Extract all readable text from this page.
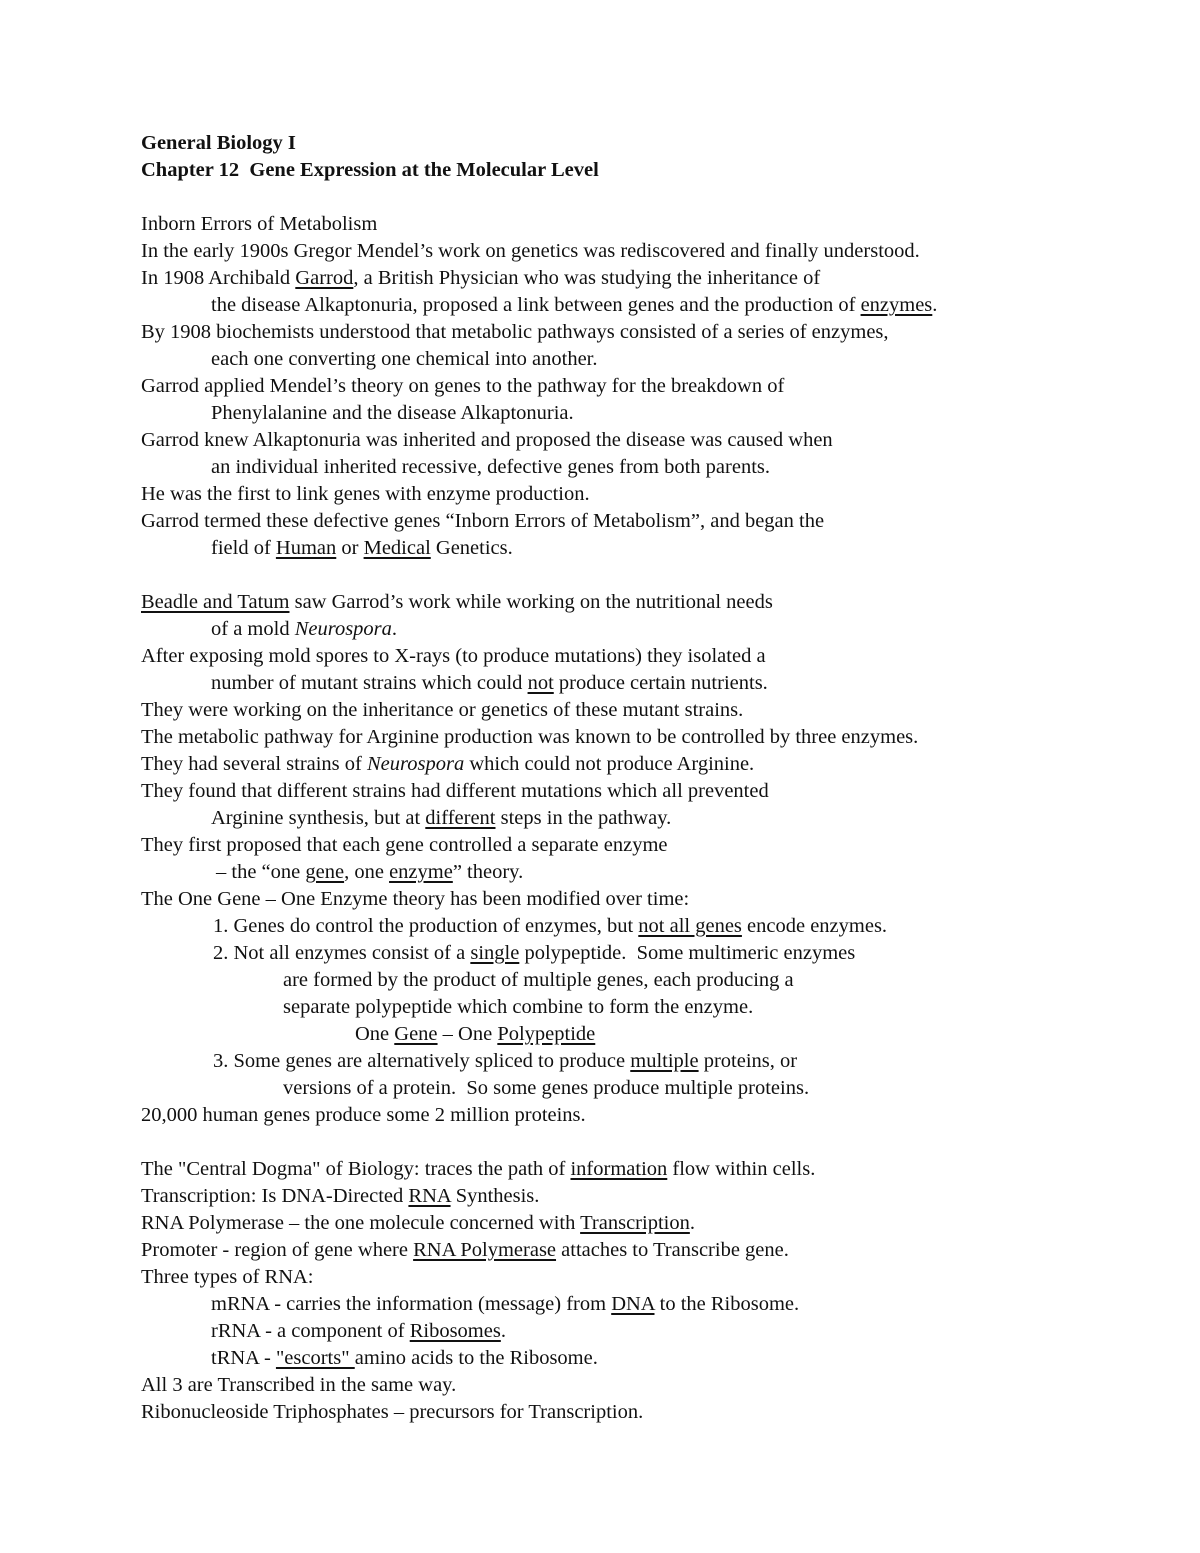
General Biology I
Chapter 12  Gene Expression at the Molecular Level
Inborn Errors of Metabolism
In the early 1900s Gregor Mendel’s work on genetics was rediscovered and finally understood.
In 1908 Archibald Garrod, a British Physician who was studying the inheritance of
the disease Alkaptonuria, proposed a link between genes and the production of enzymes.
By 1908 biochemists understood that metabolic pathways consisted of a series of enzymes,
each one converting one chemical into another.
Garrod applied Mendel’s theory on genes to the pathway for the breakdown of
Phenylalanine and the disease Alkaptonuria.
Garrod knew Alkaptonuria was inherited and proposed the disease was caused when
an individual inherited recessive, defective genes from both parents.
He was the first to link genes with enzyme production.
Garrod termed these defective genes “Inborn Errors of Metabolism”, and began the
field of Human or Medical Genetics.
Beadle and Tatum saw Garrod’s work while working on the nutritional needs
of a mold Neurospora.
After exposing mold spores to X-rays (to produce mutations) they isolated a
number of mutant strains which could not produce certain nutrients.
They were working on the inheritance or genetics of these mutant strains.
The metabolic pathway for Arginine production was known to be controlled by three enzymes.
They had several strains of Neurospora which could not produce Arginine.
They found that different strains had different mutations which all prevented
Arginine synthesis, but at different steps in the pathway.
They first proposed that each gene controlled a separate enzyme
– the “one gene, one enzyme” theory.
The One Gene – One Enzyme theory has been modified over time:
1. Genes do control the production of enzymes, but not all genes encode enzymes.
2. Not all enzymes consist of a single polypeptide.  Some multimeric enzymes
are formed by the product of multiple genes, each producing a
separate polypeptide which combine to form the enzyme.
One Gene – One Polypeptide
3. Some genes are alternatively spliced to produce multiple proteins, or
versions of a protein.  So some genes produce multiple proteins.
20,000 human genes produce some 2 million proteins.
The "Central Dogma" of Biology: traces the path of information flow within cells.
Transcription: Is DNA-Directed RNA Synthesis.
RNA Polymerase – the one molecule concerned with Transcription.
Promoter - region of gene where RNA Polymerase attaches to Transcribe gene.
Three types of RNA:
mRNA - carries the information (message) from DNA to the Ribosome.
rRNA - a component of Ribosomes.
tRNA - "escorts" amino acids to the Ribosome.
All 3 are Transcribed in the same way.
Ribonucleoside Triphosphates – precursors for Transcription.
